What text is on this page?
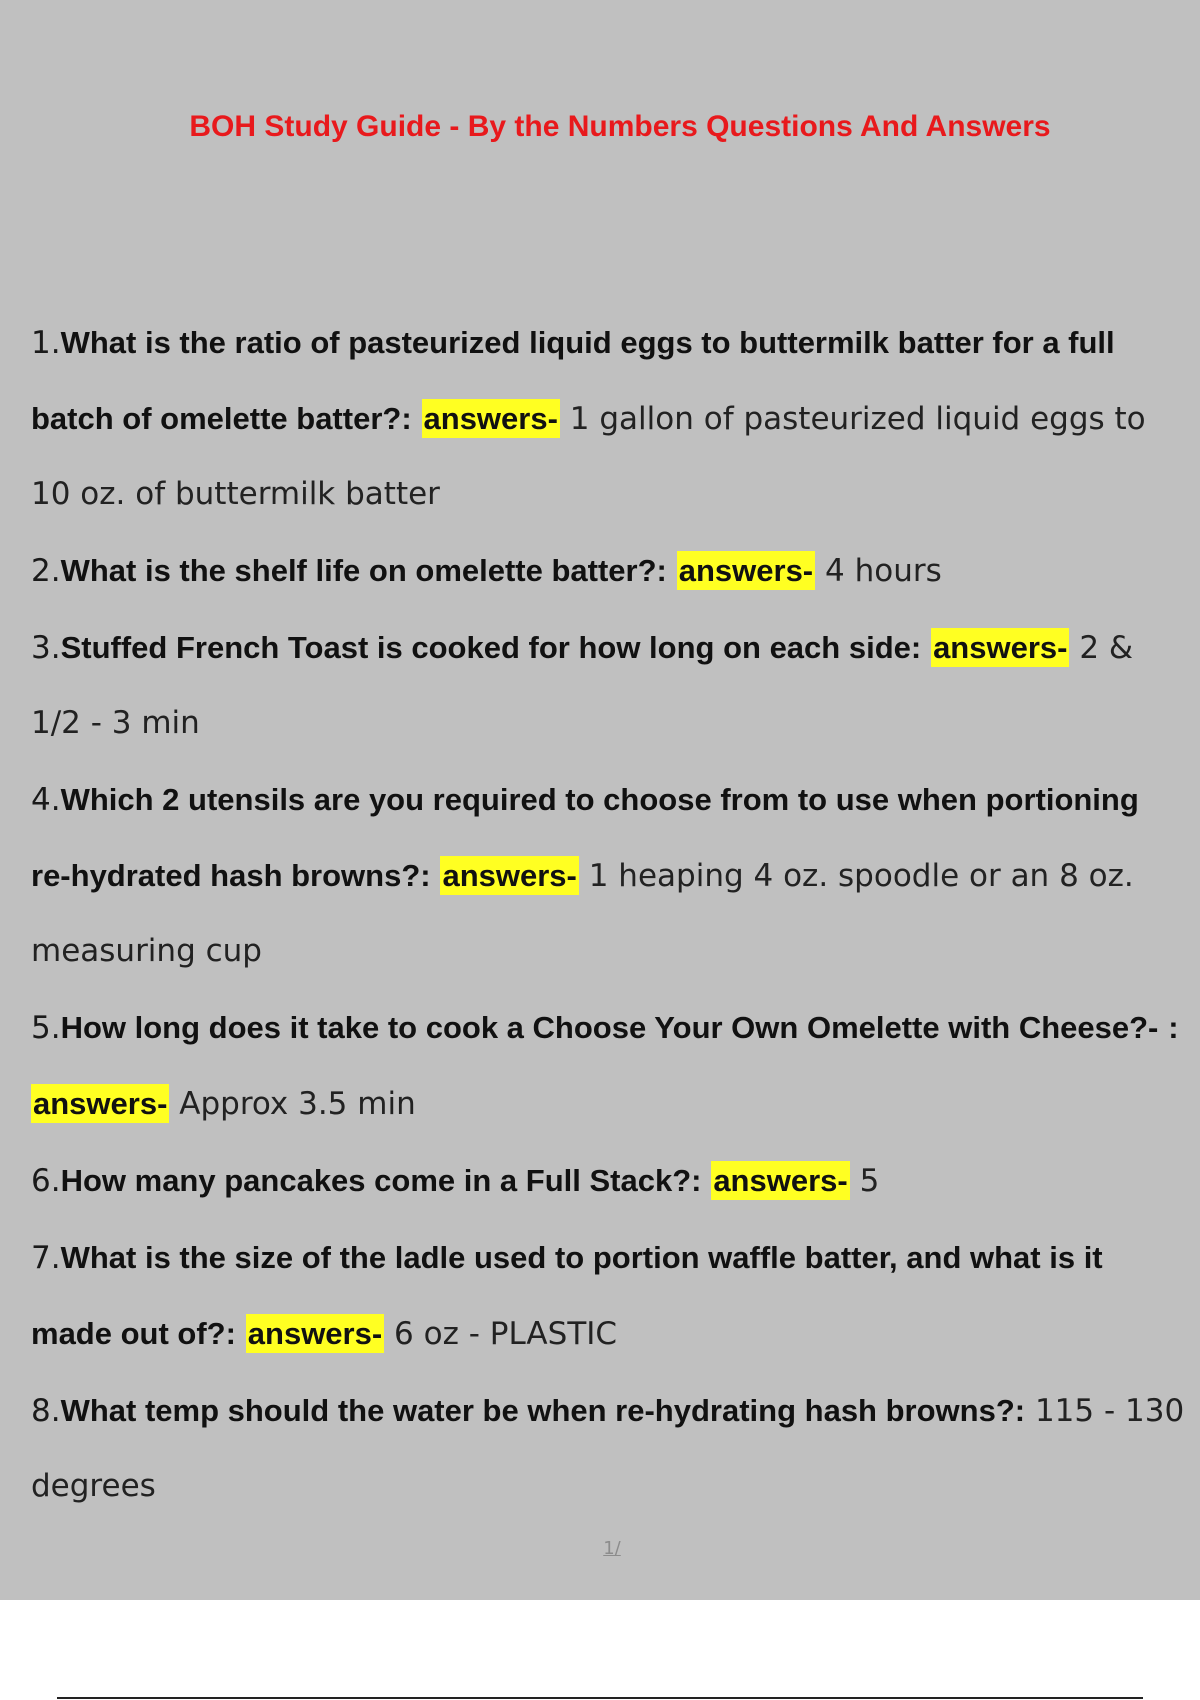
BOH Study Guide - By the Numbers Questions And Answers
1.What is the ratio of pasteurized liquid eggs to buttermilk batter for a full batch of omelette batter?: answers- 1 gallon of pasteurized liquid eggs to 10 oz. of buttermilk batter
2.What is the shelf life on omelette batter?: answers- 4 hours
3.Stuffed French Toast is cooked for how long on each side: answers- 2 & 1/2 - 3 min
4.Which 2 utensils are you required to choose from to use when portioning re-hydrated hash browns?: answers- 1 heaping 4 oz. spoodle or an 8 oz. measuring cup
5.How long does it take to cook a Choose Your Own Omelette with Cheese?- : answers- Approx 3.5 min
6.How many pancakes come in a Full Stack?: answers- 5
7.What is the size of the ladle used to portion waffle batter, and what is it made out of?: answers- 6 oz - PLASTIC
8.What temp should the water be when re-hydrating hash browns?: 115 - 130 degrees
1/
